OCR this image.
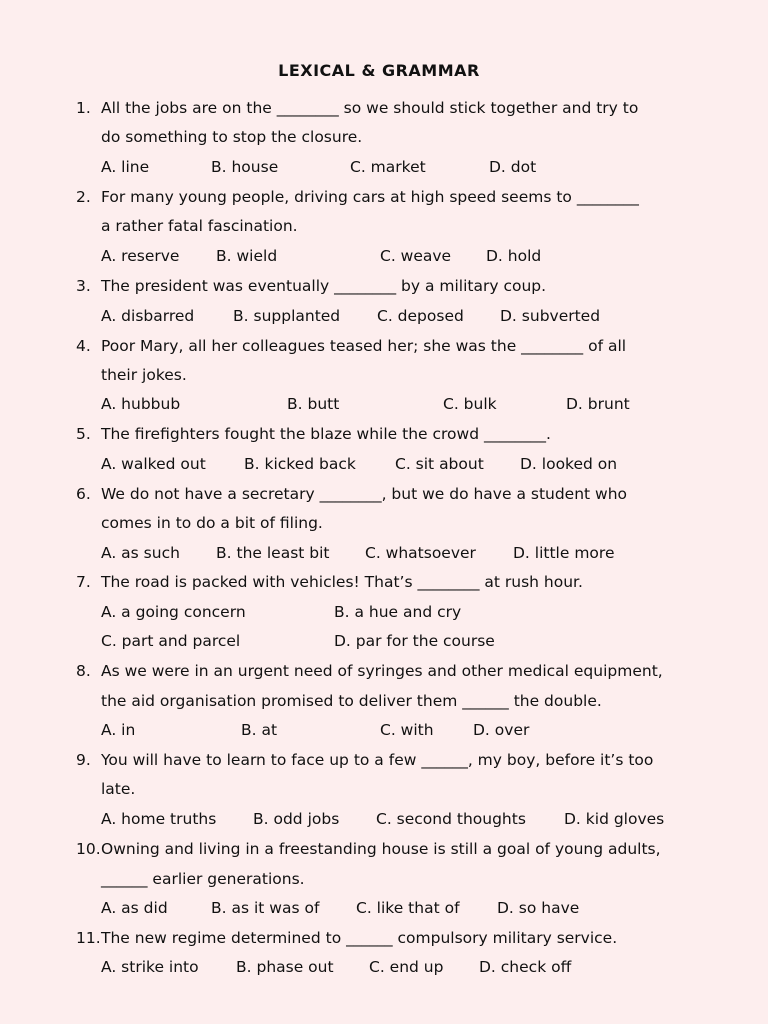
LEXICAL & GRAMMAR
1. All the jobs are on the ________ so we should stick together and try to
do something to stop the closure.
A. line	B. house	C. market	D. dot
2. For many young people, driving cars at high speed seems to ________
a rather fatal fascination.
A. reserve B. wield	C. weave D. hold
3. The president was eventually ________ by a military coup.
A. disbarred	B. supplanted C. deposed D. subverted
4. Poor Mary, all her colleagues teased her; she was the ________ of all
their jokes.
A. hubbub	B. butt	C. bulk	D. brunt
5. The firefighters fought the blaze while the crowd ________.
A. walked out B. kicked back	C. sit about D. looked on
6. We do not have a secretary ________, but we do have a student who
comes in to do a bit of filing.
A. as such B. the least bit C. whatsoever D. little more
7. The road is packed with vehicles! That’s ________ at rush hour.
A. a going concern	B. a hue and cry
C. part and parcel	D. par for the course
8. As we were in an urgent need of syringes and other medical equipment,
the aid organisation promised to deliver them ______ the double.
A. in	B. at	C. with	D. over
9. You will have to learn to face up to a few ______, my boy, before it’s too
late.
A. home truths B. odd jobs C. second thoughts D. kid gloves
10. Owning and living in a freestanding house is still a goal of young adults,
______ earlier generations.
A. as did	B. as it was of C. like that of D. so have
11. The new regime determined to ______ compulsory military service.
A. strike into B. phase out C. end up D. check off
